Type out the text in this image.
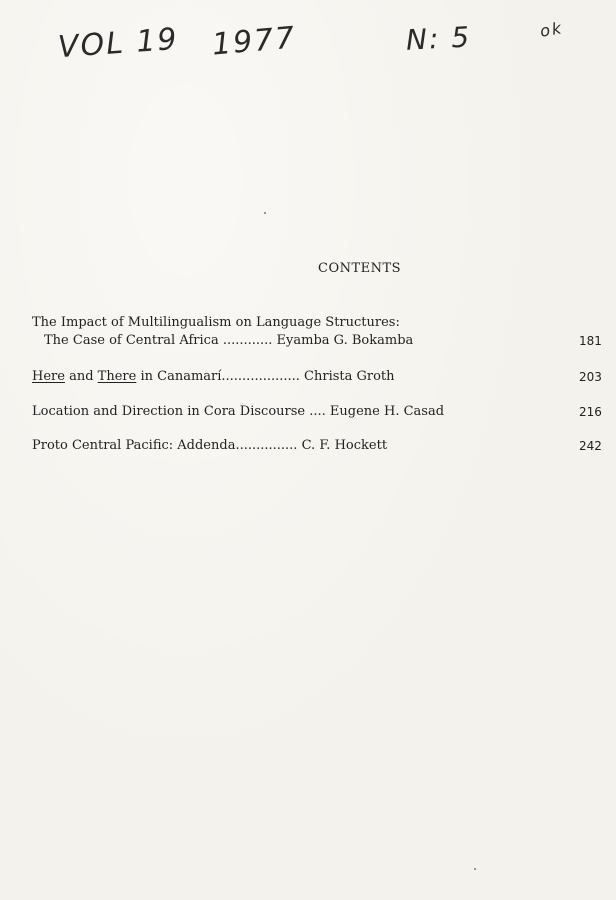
VOL 19 1977	N: 5	ok
CONTENTS
The Impact of Multilingualism on Language Structures:
The Case of Central Africa ............ Eyamba G. Bokamba	181
Here and There in Canamarí................... Christa Groth	203
Location and Direction in Cora Discourse .... Eugene H. Casad	216
Proto Central Pacific: Addenda............... C. F. Hockett	242
